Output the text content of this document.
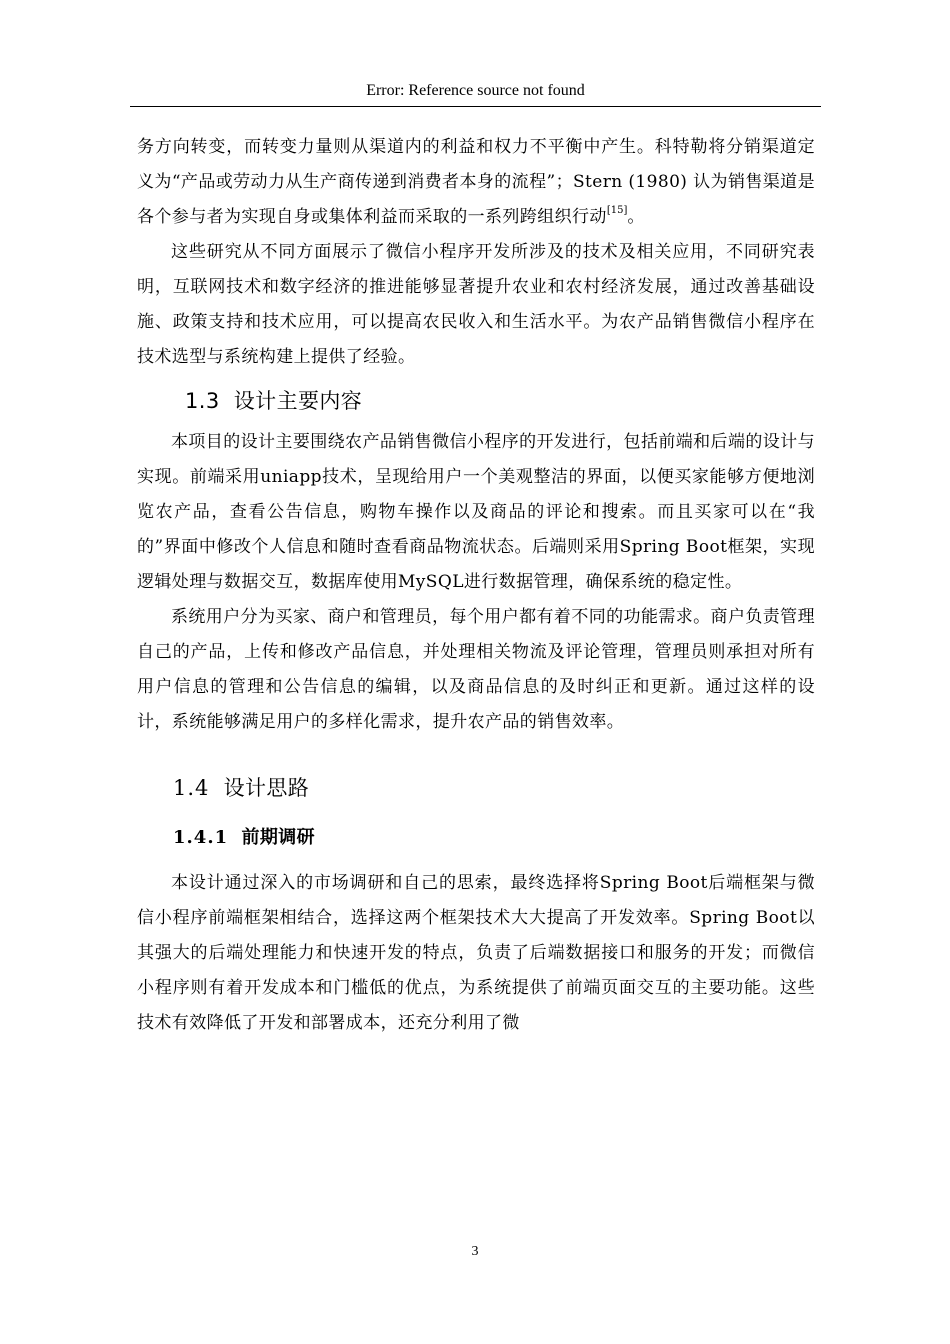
Error: Reference source not found

务方向转变，而转变力量则从渠道内的利益和权力不平衡中产生。科特勒将分销渠道定义为“产品或劳动力从生产商传递到消费者本身的流程”；Stern (1980) 认为销售渠道是各个参与者为实现自身或集体利益而采取的一系列跨组织行动[15]。

这些研究从不同方面展示了微信小程序开发所涉及的技术及相关应用，不同研究表明，互联网技术和数字经济的推进能够显著提升农业和农村经济发展，通过改善基础设施、政策支持和技术应用，可以提高农民收入和生活水平。为农产品销售微信小程序在技术选型与系统构建上提供了经验。

1.3 设计主要内容

本项目的设计主要围绕农产品销售微信小程序的开发进行，包括前端和后端的设计与实现。前端采用uniapp技术，呈现给用户一个美观整洁的界面，以便买家能够方便地浏览农产品，查看公告信息，购物车操作以及商品的评论和搜索。而且买家可以在“我的”界面中修改个人信息和随时查看商品物流状态。后端则采用Spring Boot框架，实现逻辑处理与数据交互，数据库使用MySQL进行数据管理，确保系统的稳定性。

系统用户分为买家、商户和管理员，每个用户都有着不同的功能需求。商户负责管理自己的产品，上传和修改产品信息，并处理相关物流及评论管理，管理员则承担对所有用户信息的管理和公告信息的编辑，以及商品信息的及时纠正和更新。通过这样的设计，系统能够满足用户的多样化需求，提升农产品的销售效率。

1.4 设计思路
1.4.1 前期调研

本设计通过深入的市场调研和自己的思索，最终选择将Spring Boot后端框架与微信小程序前端框架相结合，选择这两个框架技术大大提高了开发效率。Spring Boot以其强大的后端处理能力和快速开发的特点，负责了后端数据接口和服务的开发；而微信小程序则有着开发成本和门槛低的优点，为系统提供了前端页面交互的主要功能。这些技术有效降低了开发和部署成本，还充分利用了微

3
